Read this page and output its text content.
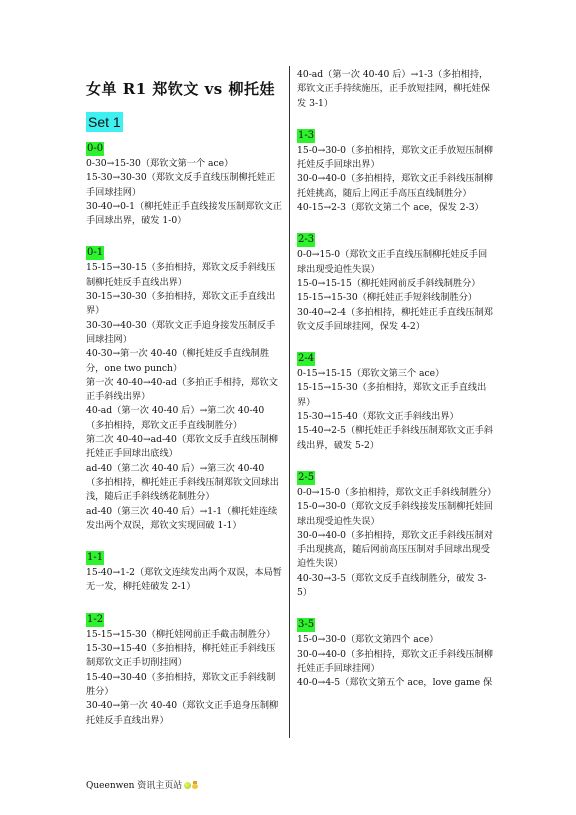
女单 R1 郑钦文 vs 柳托娃
Set 1
0-0

0-30→15-30（郑钦文第一个 ace）

15-30→30-30（郑钦文反手直线压制柳托娃正手回球挂网）

30-40→0-1（柳托娃正手直线接发压制郑钦文正手回球出界，破发 1-0）

0-1

15-15→30-15（多拍相持，郑钦文反手斜线压制柳托娃反手直线出界）

30-15→30-30（多拍相持，郑钦文正手直线出界）

30-30→40-30（郑钦文正手追身接发压制反手回球挂网）

40-30→第一次 40-40（柳托娃反手直线制胜分，one two punch）

第一次 40-40→40-ad（多拍正手相持，郑钦文正手斜线出界）

40-ad（第一次 40-40 后）→第二次 40-40（多拍相持，郑钦文正手直线制胜分）

第二次 40-40→ad-40（郑钦文反手直线压制柳托娃正手回球出底线）

ad-40（第二次 40-40 后）→第三次 40-40（多拍相持，柳托娃正手斜线压制郑钦文回球出浅，随后正手斜线绣花制胜分）

ad-40（第三次 40-40 后）→1-1（柳托娃连续发出两个双误，郑钦文实现回破 1-1）

1-1

15-40→1-2（郑钦文连续发出两个双误，本局暂无一发，柳托娃破发 2-1）

1-2

15-15→15-30（柳托娃网前正手截击制胜分）

15-30→15-40（多拍相持，柳托娃正手斜线压制郑钦文正手切削挂网）

15-40→30-40（多拍相持，郑钦文正手斜线制胜分）

30-40→第一次 40-40（郑钦文正手追身压制柳托娃反手直线出界）

40-ad（第一次 40-40 后）→1-3（多拍相持，郑钦文正手持续施压，正手放短挂网，柳托娃保发 3-1）

1-3

15-0→30-0（多拍相持，郑钦文正手放短压制柳托娃反手回球出界）

30-0→40-0（多拍相持，郑钦文正手斜线压制柳托娃挑高，随后上网正手高压直线制胜分）

40-15→2-3（郑钦文第二个 ace，保发 2-3）

2-3

0-0→15-0（郑钦文正手直线压制柳托娃反手回球出现受迫性失误）

15-0→15-15（柳托娃网前反手斜线制胜分）

15-15→15-30（柳托娃正手短斜线制胜分）

30-40→2-4（多拍相持，柳托娃正手直线压制郑钦文反手回球挂网，保发 4-2）

2-4

0-15→15-15（郑钦文第三个 ace）

15-15→15-30（多拍相持，郑钦文正手直线出界）

15-30→15-40（郑钦文正手斜线出界）

15-40→2-5（柳托娃正手斜线压制郑钦文正手斜线出界，破发 5-2）

2-5

0-0→15-0（多拍相持，郑钦文正手斜线制胜分）

15-0→30-0（郑钦文反手斜线接发压制柳托娃回球出现受迫性失误）

30-0→40-0（多拍相持，郑钦文正手斜线压制对手出现挑高，随后网前高压压制对手回球出现受迫性失误）

40-30→3-5（郑钦文反手直线制胜分，破发 3-5）

3-5

15-0→30-0（郑钦文第四个 ace）

30-0→40-0（多拍相持，郑钦文正手斜线压制柳托娃正手回球挂网）

40-0→4-5（郑钦文第五个 ace，love game 保

Queenwen 资讯主页站
